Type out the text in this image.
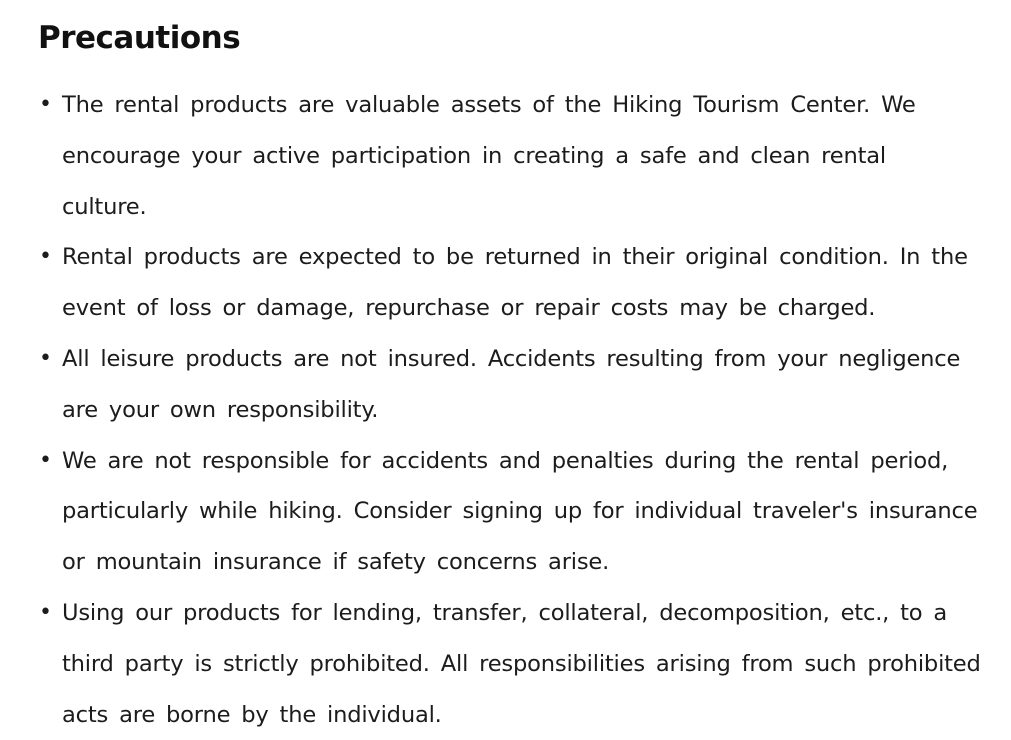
Precautions
• The rental products are valuable assets of the Hiking Tourism Center. We encourage your active participation in creating a safe and clean rental culture.
• Rental products are expected to be returned in their original condition. In the event of loss or damage, repurchase or repair costs may be charged.
• All leisure products are not insured. Accidents resulting from your negligence are your own responsibility.
• We are not responsible for accidents and penalties during the rental period, particularly while hiking. Consider signing up for individual traveler's insurance or mountain insurance if safety concerns arise.
• Using our products for lending, transfer, collateral, decomposition, etc., to a third party is strictly prohibited. All responsibilities arising from such prohibited acts are borne by the individual.
